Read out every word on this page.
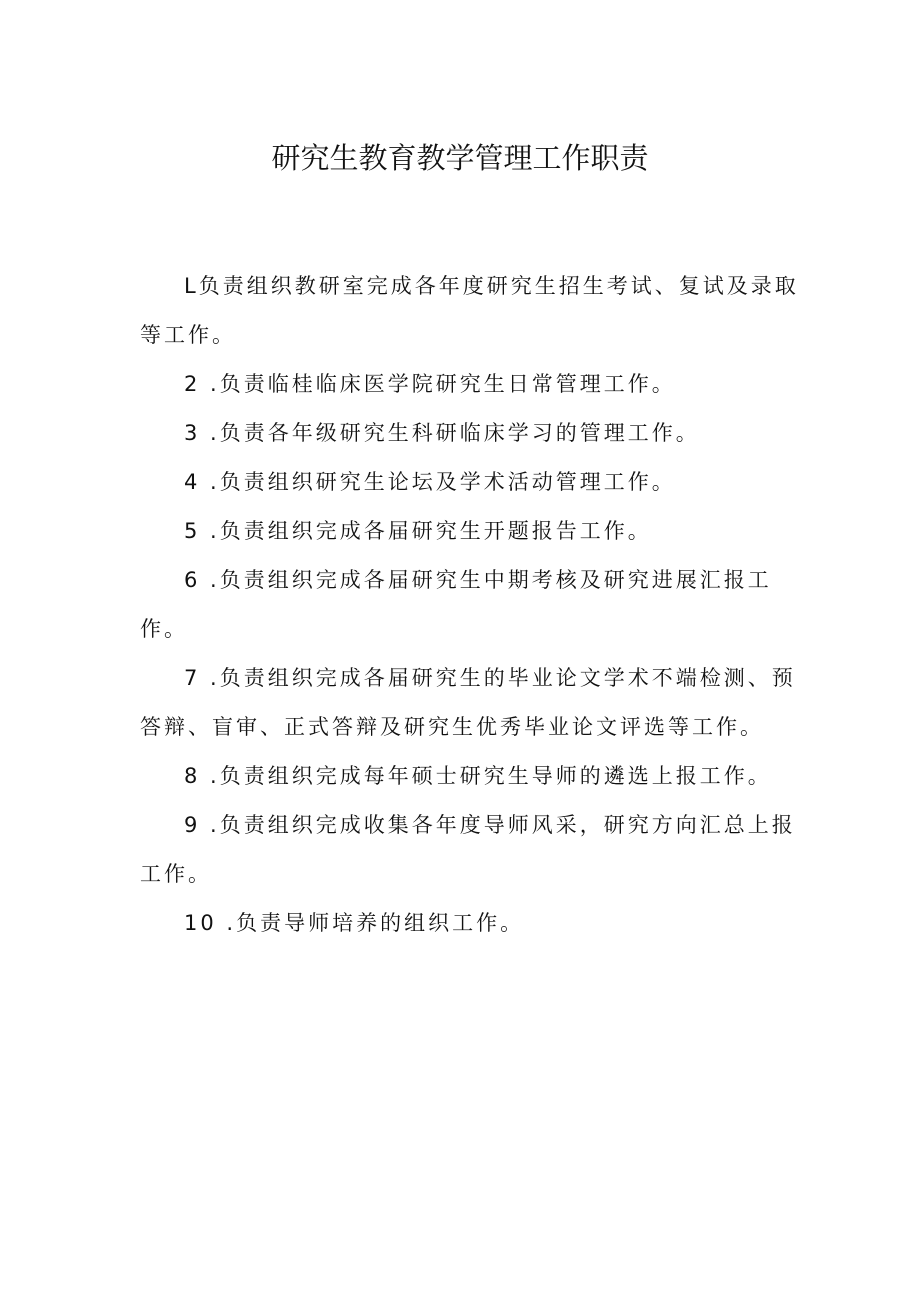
研究生教育教学管理工作职责

L负责组织教研室完成各年度研究生招生考试、复试及录取等工作。

2 .负责临桂临床医学院研究生日常管理工作。

3 .负责各年级研究生科研临床学习的管理工作。

4 .负责组织研究生论坛及学术活动管理工作。

5 .负责组织完成各届研究生开题报告工作。

6 .负责组织完成各届研究生中期考核及研究进展汇报工作。

7 .负责组织完成各届研究生的毕业论文学术不端检测、预答辩、盲审、正式答辩及研究生优秀毕业论文评选等工作。

8 .负责组织完成每年硕士研究生导师的遴选上报工作。

9 .负责组织完成收集各年度导师风采，研究方向汇总上报工作。

10 .负责导师培养的组织工作。
